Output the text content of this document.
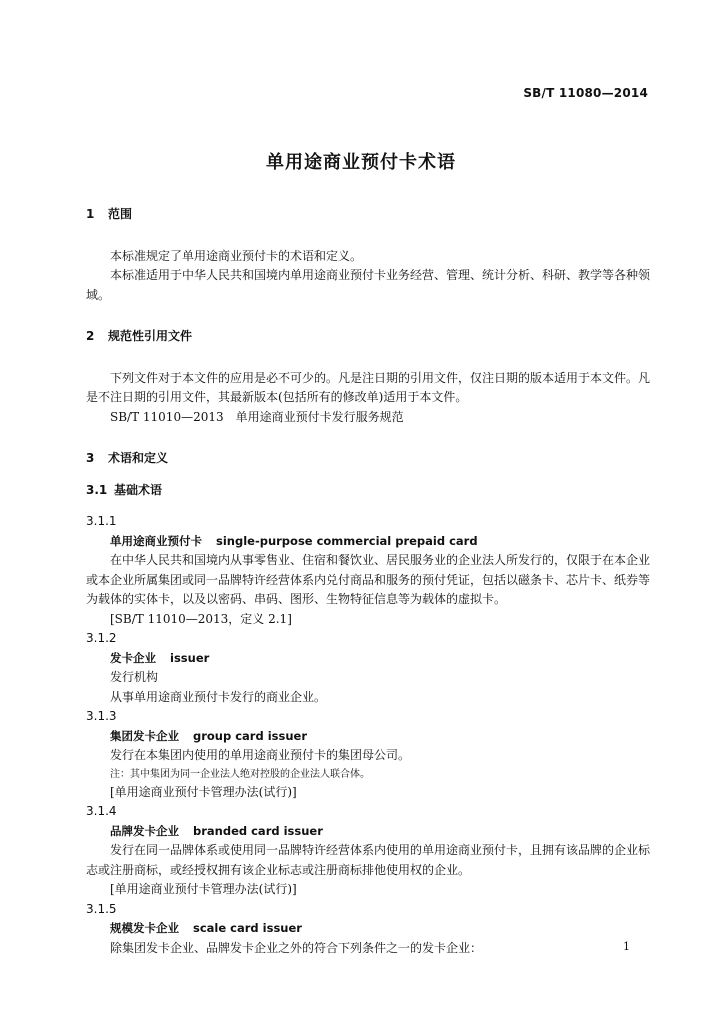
SB/T 11080—2014
单用途商业预付卡术语
1 范围
本标准规定了单用途商业预付卡的术语和定义。
本标准适用于中华人民共和国境内单用途商业预付卡业务经营、管理、统计分析、科研、教学等各种领域。
2 规范性引用文件
下列文件对于本文件的应用是必不可少的。凡是注日期的引用文件，仅注日期的版本适用于本文件。凡是不注日期的引用文件，其最新版本(包括所有的修改单)适用于本文件。
SB/T 11010—2013　单用途商业预付卡发行服务规范
3 术语和定义
3.1 基础术语
3.1.1
单用途商业预付卡 single-purpose commercial prepaid card
在中华人民共和国境内从事零售业、住宿和餐饮业、居民服务业的企业法人所发行的，仅限于在本企业或本企业所属集团或同一品牌特许经营体系内兑付商品和服务的预付凭证，包括以磁条卡、芯片卡、纸券等为载体的实体卡，以及以密码、串码、图形、生物特征信息等为载体的虚拟卡。
[SB/T 11010—2013，定义 2.1]
3.1.2
发卡企业 issuer
发行机构
从事单用途商业预付卡发行的商业企业。
3.1.3
集团发卡企业 group card issuer
发行在本集团内使用的单用途商业预付卡的集团母公司。
注：其中集团为同一企业法人绝对控股的企业法人联合体。
[单用途商业预付卡管理办法(试行)]
3.1.4
品牌发卡企业 branded card issuer
发行在同一品牌体系或使用同一品牌特许经营体系内使用的单用途商业预付卡，且拥有该品牌的企业标志或注册商标，或经授权拥有该企业标志或注册商标排他使用权的企业。
[单用途商业预付卡管理办法(试行)]
3.1.5
规模发卡企业 scale card issuer
除集团发卡企业、品牌发卡企业之外的符合下列条件之一的发卡企业：	1
